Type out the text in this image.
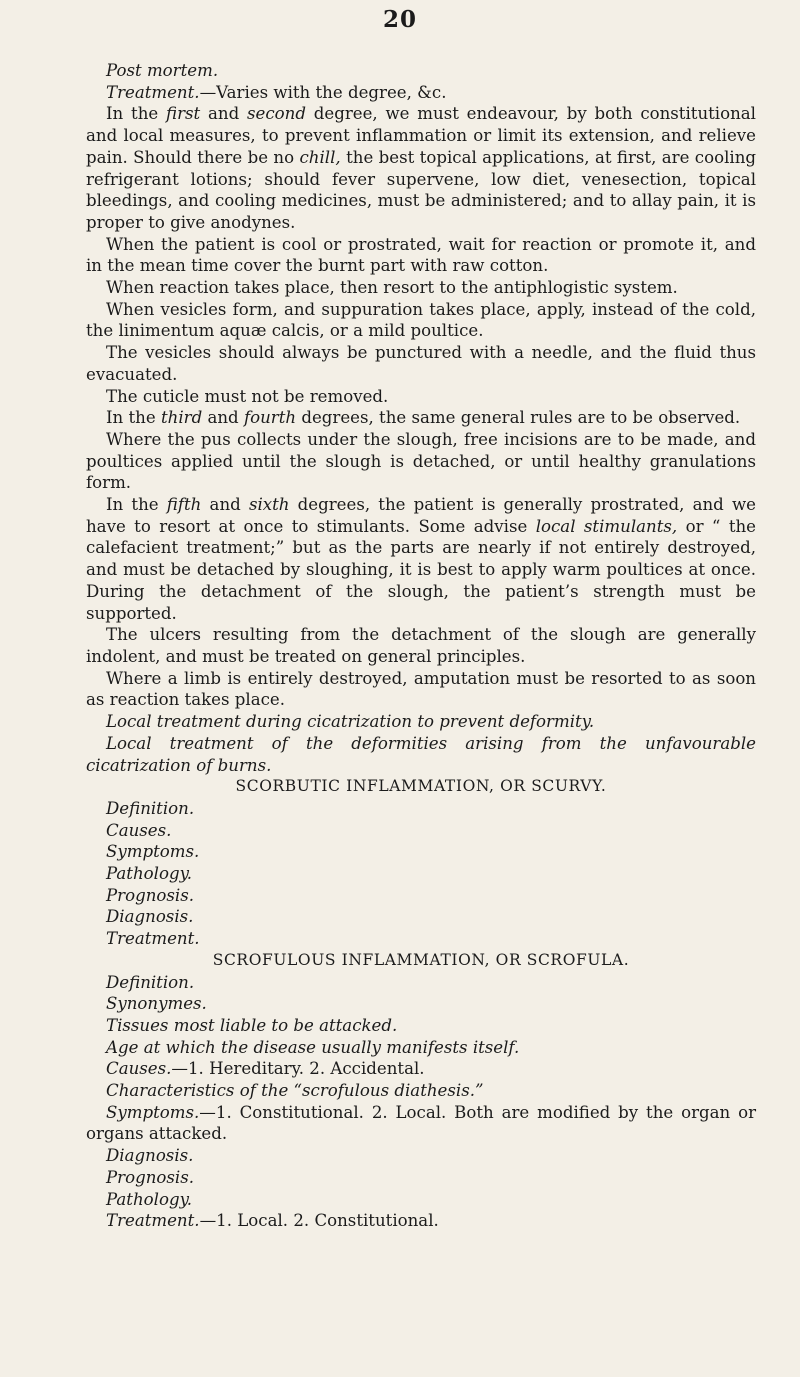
20

Post mortem.

Treatment.—Varies with the degree, &c.

In the first and second degree, we must endeavour, by both constitutional and local measures, to prevent inflammation or limit its extension, and relieve pain. Should there be no chill, the best topical applications, at first, are cooling refrigerant lotions; should fever supervene, low diet, venesection, topical bleedings, and cooling medicines, must be administered; and to allay pain, it is proper to give anodynes.

When the patient is cool or prostrated, wait for reaction or promote it, and in the mean time cover the burnt part with raw cotton.

When reaction takes place, then resort to the antiphlogistic system.

When vesicles form, and suppuration takes place, apply, instead of the cold, the linimentum aquæ calcis, or a mild poultice.

The vesicles should always be punctured with a needle, and the fluid thus evacuated.

The cuticle must not be removed.

In the third and fourth degrees, the same general rules are to be observed.

Where the pus collects under the slough, free incisions are to be made, and poultices applied until the slough is detached, or until healthy granulations form.

In the fifth and sixth degrees, the patient is generally prostrated, and we have to resort at once to stimulants. Some advise local stimulants, or “ the calefacient treatment;” but as the parts are nearly if not entirely destroyed, and must be detached by sloughing, it is best to apply warm poultices at once. During the detachment of the slough, the patient’s strength must be supported.

The ulcers resulting from the detachment of the slough are generally indolent, and must be treated on general principles.

Where a limb is entirely destroyed, amputation must be resorted to as soon as reaction takes place.

Local treatment during cicatrization to prevent deformity.

Local treatment of the deformities arising from the unfavourable cicatrization of burns.

SCORBUTIC INFLAMMATION, OR SCURVY.

Definition.

Causes.

Symptoms.

Pathology.

Prognosis.

Diagnosis.

Treatment.

SCROFULOUS INFLAMMATION, OR SCROFULA.

Definition.

Synonymes.

Tissues most liable to be attacked.

Age at which the disease usually manifests itself.

Causes.—1. Hereditary. 2. Accidental.

Characteristics of the “scrofulous diathesis.”

Symptoms.—1. Constitutional. 2. Local. Both are modified by the organ or organs attacked.

Diagnosis.

Prognosis.

Pathology.

Treatment.—1. Local. 2. Constitutional.
